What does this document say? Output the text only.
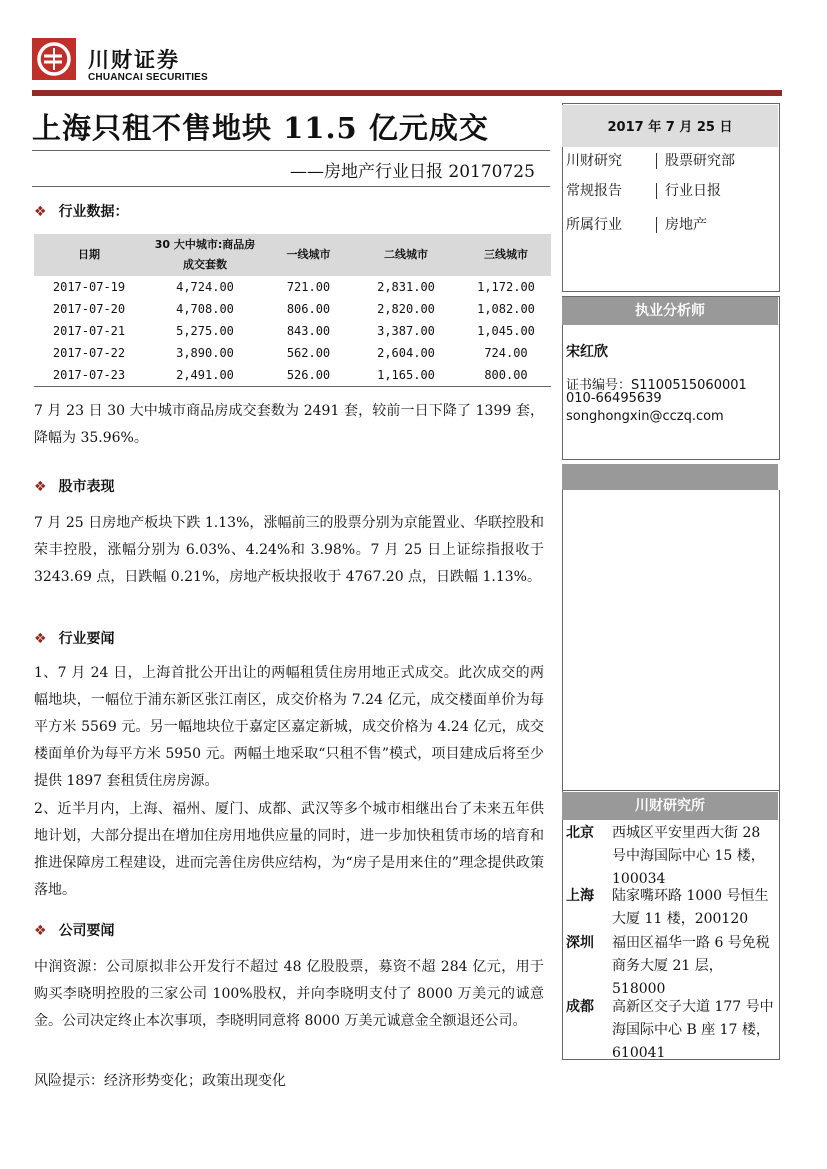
川财证券
CHUANCAI SECURITIES
上海只租不售地块 11.5 亿元成交
——房地产行业日报 20170725
2017 年 7 月 25 日
川财研究	股票研究部
常规报告	行业日报
所属行业	房地产
执业分析师
宋红欣
证书编号：S1100515060001
010-66495639
songhongxin@cczq.com
川财研究所
北京 西城区平安里西大街 28 号中海国际中心 15 楼，100034
上海 陆家嘴环路 1000 号恒生大厦 11 楼，200120
深圳 福田区福华一路 6 号免税商务大厦 21 层，518000
成都 高新区交子大道 177 号中海国际中心 B 座 17 楼，610041
❖ 行业数据：
日期	30 大中城市:商品房成交套数	一线城市	二线城市	三线城市
2017-07-19	4,724.00	721.00	2,831.00	1,172.00
2017-07-20	4,708.00	806.00	2,820.00	1,082.00
2017-07-21	5,275.00	843.00	3,387.00	1,045.00
2017-07-22	3,890.00	562.00	2,604.00	724.00
2017-07-23	2,491.00	526.00	1,165.00	800.00
7 月 23 日 30 大中城市商品房成交套数为 2491 套，较前一日下降了 1399 套，降幅为 35.96%。
❖ 股市表现
7 月 25 日房地产板块下跌 1.13%，涨幅前三的股票分别为京能置业、华联控股和荣丰控股，涨幅分别为 6.03%、4.24%和 3.98%。7 月 25 日上证综指报收于 3243.69 点，日跌幅 0.21%，房地产板块报收于 4767.20 点，日跌幅 1.13%。
❖ 行业要闻
1、7 月 24 日，上海首批公开出让的两幅租赁住房用地正式成交。此次成交的两幅地块，一幅位于浦东新区张江南区，成交价格为 7.24 亿元，成交楼面单价为每平方米 5569 元。另一幅地块位于嘉定区嘉定新城，成交价格为 4.24 亿元，成交楼面单价为每平方米 5950 元。两幅土地采取“只租不售”模式，项目建成后将至少提供 1897 套租赁住房房源。
2、近半月内，上海、福州、厦门、成都、武汉等多个城市相继出台了未来五年供地计划，大部分提出在增加住房用地供应量的同时，进一步加快租赁市场的培育和推进保障房工程建设，进而完善住房供应结构，为“房子是用来住的”理念提供政策落地。
❖ 公司要闻
中润资源：公司原拟非公开发行不超过 48 亿股股票，募资不超 284 亿元，用于购买李晓明控股的三家公司 100%股权，并向李晓明支付了 8000 万美元的诚意金。公司决定终止本次事项，李晓明同意将 8000 万美元诚意金全额退还公司。
风险提示：经济形势变化；政策出现变化
